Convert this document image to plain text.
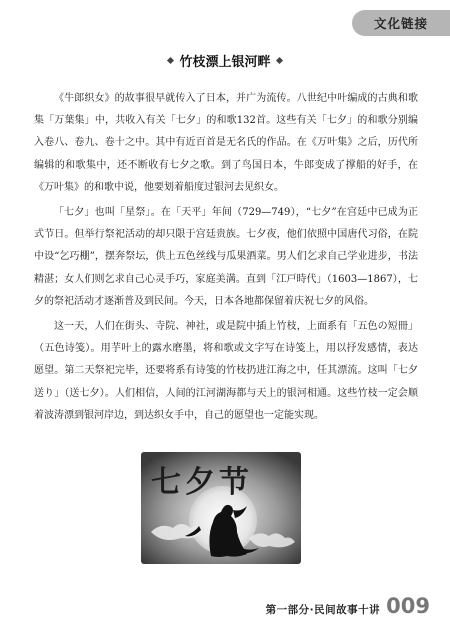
文化链接
竹枝漂上银河畔

《牛郎织女》的故事很早就传入了日本，并广为流传。八世纪中叶编成的古典和歌集「万葉集」中，共收入有关「七夕」的和歌132首。这些有关「七夕」的和歌分别编入卷八、卷九、卷十之中。其中有近百首是无名氏的作品。在《万叶集》之后，历代所编辑的和歌集中，还不断收有七夕之歌。到了鸟国日本，牛郎变成了撑船的好手，在《万叶集》的和歌中说，他要划着船度过银河去见织女。

「七夕」也叫「星祭」。在「天平」年间（729—749），“七夕”在宫廷中已成为正式节日。但举行祭祀活动的却只限于宫廷贵族。七夕夜，他们依照中国唐代习俗，在院中设“乞巧棚”，摆奔祭坛，供上五色丝线与瓜果酒菜。男人们乞求自己学业进步，书法精湛；女人们则乞求自己心灵手巧，家庭美满。直到「江戸時代」（1603—1867），七夕的祭祀活动才逐渐普及到民间。今天，日本各地都保留着庆祝七夕的风俗。

这一天，人们在街头、寺院、神社，或是院中插上竹枝，上面系有「五色の短冊」（五色诗笺）。用芋叶上的露水磨墨，将和歌或文字写在诗笺上，用以抒发感情，表达愿望。第二天祭祀完毕，还要将系有诗笺的竹枝扔进江海之中，任其漂流。这叫「七夕送り」（送七夕）。人们相信，人间的江河湖海都与天上的银河相通。这些竹枝一定会顺着波涛漂到银河岸边，到达织女手中，自己的愿望也一定能实现。

七夕节
第一部分·民间故事十讲 009
